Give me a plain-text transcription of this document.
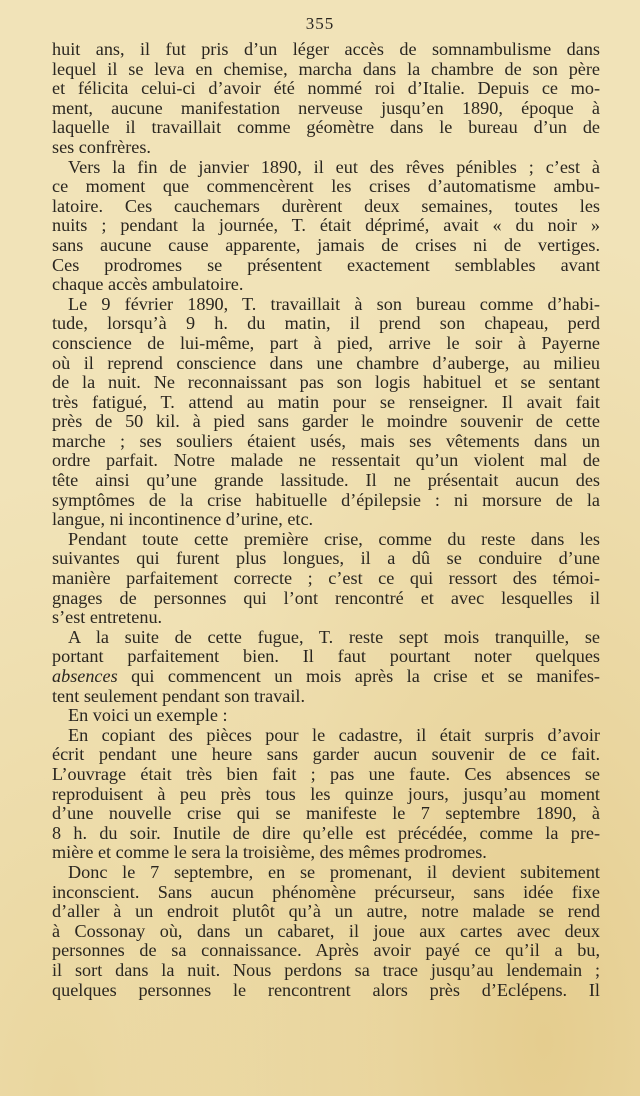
355
huit ans, il fut pris d’un léger accès de somnambulisme dans
lequel il se leva en chemise, marcha dans la chambre de son père
et félicita celui-ci d’avoir été nommé roi d’Italie. Depuis ce mo-
ment, aucune manifestation nerveuse jusqu’en 1890, époque à
laquelle il travaillait comme géomètre dans le bureau d’un de
ses confrères.
Vers la fin de janvier 1890, il eut des rêves pénibles ; c’est à
ce moment que commencèrent les crises d’automatisme ambu-
latoire. Ces cauchemars durèrent deux semaines, toutes les
nuits ; pendant la journée, T. était déprimé, avait « du noir »
sans aucune cause apparente, jamais de crises ni de vertiges.
Ces prodromes se présentent exactement semblables avant
chaque accès ambulatoire.
Le 9 février 1890, T. travaillait à son bureau comme d’habi-
tude, lorsqu’à 9 h. du matin, il prend son chapeau, perd
conscience de lui-même, part à pied, arrive le soir à Payerne
où il reprend conscience dans une chambre d’auberge, au milieu
de la nuit. Ne reconnaissant pas son logis habituel et se sentant
très fatigué, T. attend au matin pour se renseigner. Il avait fait
près de 50 kil. à pied sans garder le moindre souvenir de cette
marche ; ses souliers étaient usés, mais ses vêtements dans un
ordre parfait. Notre malade ne ressentait qu’un violent mal de
tête ainsi qu’une grande lassitude. Il ne présentait aucun des
symptômes de la crise habituelle d’épilepsie : ni morsure de la
langue, ni incontinence d’urine, etc.
Pendant toute cette première crise, comme du reste dans les
suivantes qui furent plus longues, il a dû se conduire d’une
manière parfaitement correcte ; c’est ce qui ressort des témoi-
gnages de personnes qui l’ont rencontré et avec lesquelles il
s’est entretenu.
A la suite de cette fugue, T. reste sept mois tranquille, se
portant parfaitement bien. Il faut pourtant noter quelques
absences qui commencent un mois après la crise et se manifes-
tent seulement pendant son travail.
En voici un exemple :
En copiant des pièces pour le cadastre, il était surpris d’avoir
écrit pendant une heure sans garder aucun souvenir de ce fait.
L’ouvrage était très bien fait ; pas une faute. Ces absences se
reproduisent à peu près tous les quinze jours, jusqu’au moment
d’une nouvelle crise qui se manifeste le 7 septembre 1890, à
8 h. du soir. Inutile de dire qu’elle est précédée, comme la pre-
mière et comme le sera la troisième, des mêmes prodromes.
Donc le 7 septembre, en se promenant, il devient subitement
inconscient. Sans aucun phénomène précurseur, sans idée fixe
d’aller à un endroit plutôt qu’à un autre, notre malade se rend
à Cossonay où, dans un cabaret, il joue aux cartes avec deux
personnes de sa connaissance. Après avoir payé ce qu’il a bu,
il sort dans la nuit. Nous perdons sa trace jusqu’au lendemain ;
quelques personnes le rencontrent alors près d’Eclépens. Il
